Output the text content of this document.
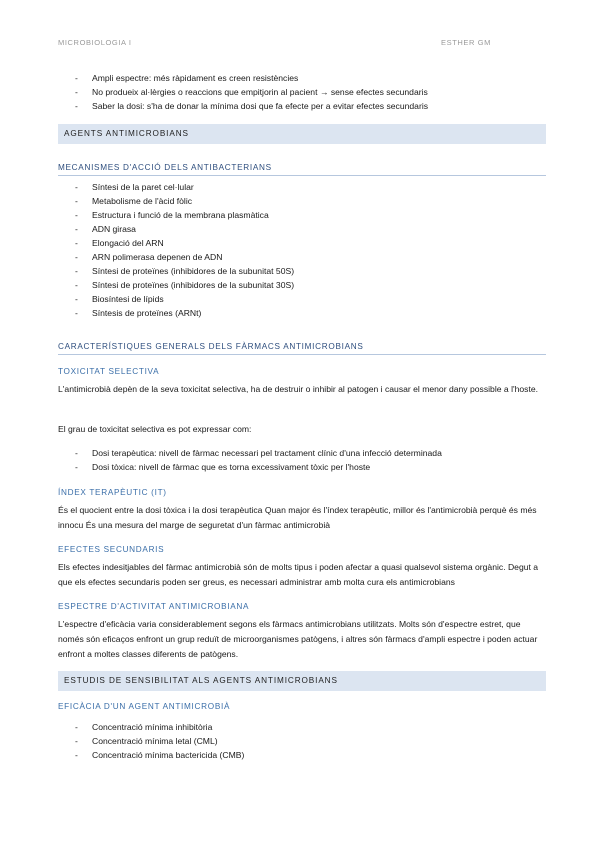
MICROBIOLOGIA I	ESTHER GM
- Ampli espectre: més ràpidament es creen resistències
- No produeix al·lèrgies o reaccions que empitjorin al pacient → sense efectes secundaris
- Saber la dosi: s'ha de donar la mínima dosi que fa efecte per a evitar efectes secundaris
AGENTS ANTIMICROBIANS
MECANISMES D'ACCIÓ DELS ANTIBACTERIANS
- Síntesi de la paret cel·lular
- Metabolisme de l'àcid fòlic
- Estructura i funció de la membrana plasmàtica
- ADN girasa
- Elongació del ARN
- ARN polimerasa depenen de ADN
- Síntesi de proteïnes (inhibidores de la subunitat 50S)
- Síntesi de proteïnes (inhibidores de la subunitat 30S)
- Biosíntesi de lípids
- Síntesis de proteïnes (ARNt)
CARACTERÍSTIQUES GENERALS DELS FÀRMACS ANTIMICROBIANS
TOXICITAT SELECTIVA
L'antimicrobià depèn de la seva toxicitat selectiva, ha de destruir o inhibir al patogen i causar el menor dany possible a l'hoste.
El grau de toxicitat selectiva es pot expressar com:
- Dosi terapèutica: nivell de fàrmac necessari pel tractament clínic d'una infecció determinada
- Dosi tòxica: nivell de fàrmac que es torna excessivament tòxic per l'hoste
ÍNDEX TERAPÈUTIC (IT)
És el quocient entre la dosi tòxica i la dosi terapèutica Quan major és l'índex terapèutic, millor és l'antimicrobià perquè és més innocu És una mesura del marge de seguretat d'un fàrmac antimicrobià
EFECTES SECUNDARIS
Els efectes indesitjables del fàrmac antimicrobià són de molts tipus i poden afectar a quasi qualsevol sistema orgànic. Degut a que els efectes secundaris poden ser greus, es necessari administrar amb molta cura els antimicrobians
ESPECTRE D'ACTIVITAT ANTIMICROBIANA
L'espectre d'eficàcia varia considerablement segons els fàrmacs antimicrobians utilitzats. Molts són d'espectre estret, que només són eficaços enfront un grup reduït de microorganismes patògens, i altres són fàrmacs d'ampli espectre i poden actuar enfront a moltes classes diferents de patògens.
ESTUDIS DE SENSIBILITAT ALS AGENTS ANTIMICROBIANS
EFICÀCIA D'UN AGENT ANTIMICROBIÀ
- Concentració mínima inhibitòria
- Concentració mínima letal (CML)
- Concentració mínima bactericida (CMB)
